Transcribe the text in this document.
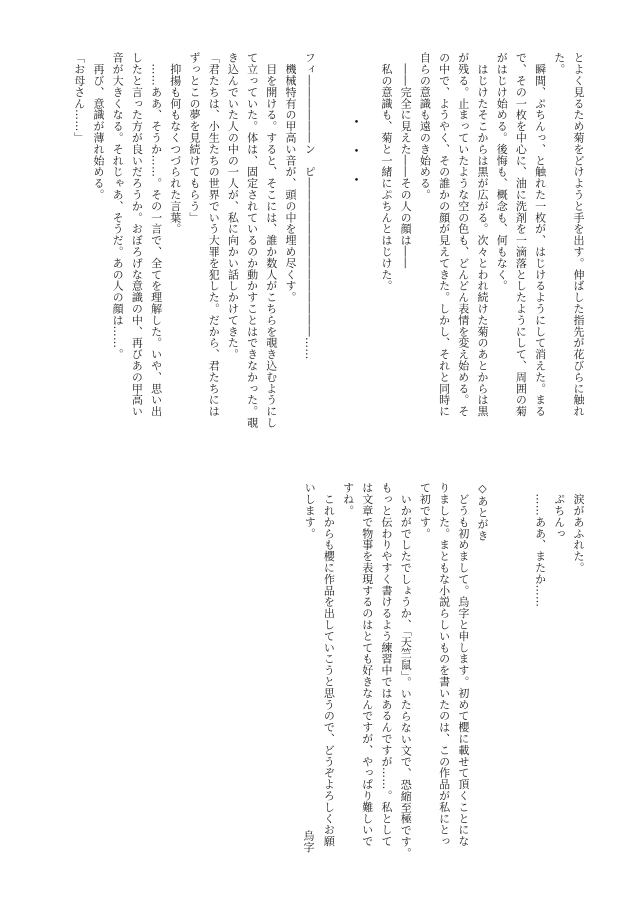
とよく見るため菊をどけようと手を出す。伸ばした指先が花びらに触れ
た。
　瞬間、ぷちんっ、と触れた一枚が、はじけるようにして消えた。まる
で、その一枚を中心に、油に洗剤を一滴落としたようにして、周囲の菊
がはじけ始める。後悔も、概念も、何もなく。
　はじけたそこからは黒が広がる。次々とわれ続けた菊のあとからは黒
が残る。止まっていたような空の色も、どんどん表情を変え始める。そ
の中で、ようやく、その誰かの顔が見えてきた。しかし、それと同時に
自らの意識も遠のき始める。
　――完全に見えた――その人の顔は――
　私の意識も、菊と一緒にぷちんとはじけた。
フィ――――――ン　ピ――――――――――――――……
　機械特有の甲高い音が、頭の中を埋め尽くす。
　目を開ける。すると、そこには、誰か数人がこちらを覗き込むようにし
て立っていた。体は、固定されているのか動かすことはできなかった。覗
き込んでいた人の中の一人が、私に向かい話しかけてきた。
「君たちは、小生たちの世界でいう大罪を犯した。だから、君たちには
ずっとこの夢を見続けてもらう」
　抑揚も何もなくつづられた言葉。
　……ああ、そうか……。その一言で、全てを理解した。いや、思い出
したと言った方が良いだろうか。おぼろげな意識の中、再びあの甲高い
音が大きくなる。それじゃあ、そうだ。あの人の顔は……。
　再び、意識が薄れ始める。
「お母さん……」
・・・
　涙があふれた。
　ぷちんっ
　……ああ、またか……
◇あとがき
　どうも初めまして。烏字と申します。初めて櫻に載せて頂くことにな
りました。まともな小説らしいものを書いたのは、この作品が私にとっ
て初です。
　いかがでしたでしょうか、「天竺鼠」。いたらない文で、恐縮至極です。
もっと伝わりやすく書けるよう練習中ではあるんですが……。私として
は文章で物事を表現するのはとても好きなんですが、やっぱり難しいで
すね。
　これからも櫻に作品を出していこうと思うので、どうぞよろしくお願
いします。
烏字
